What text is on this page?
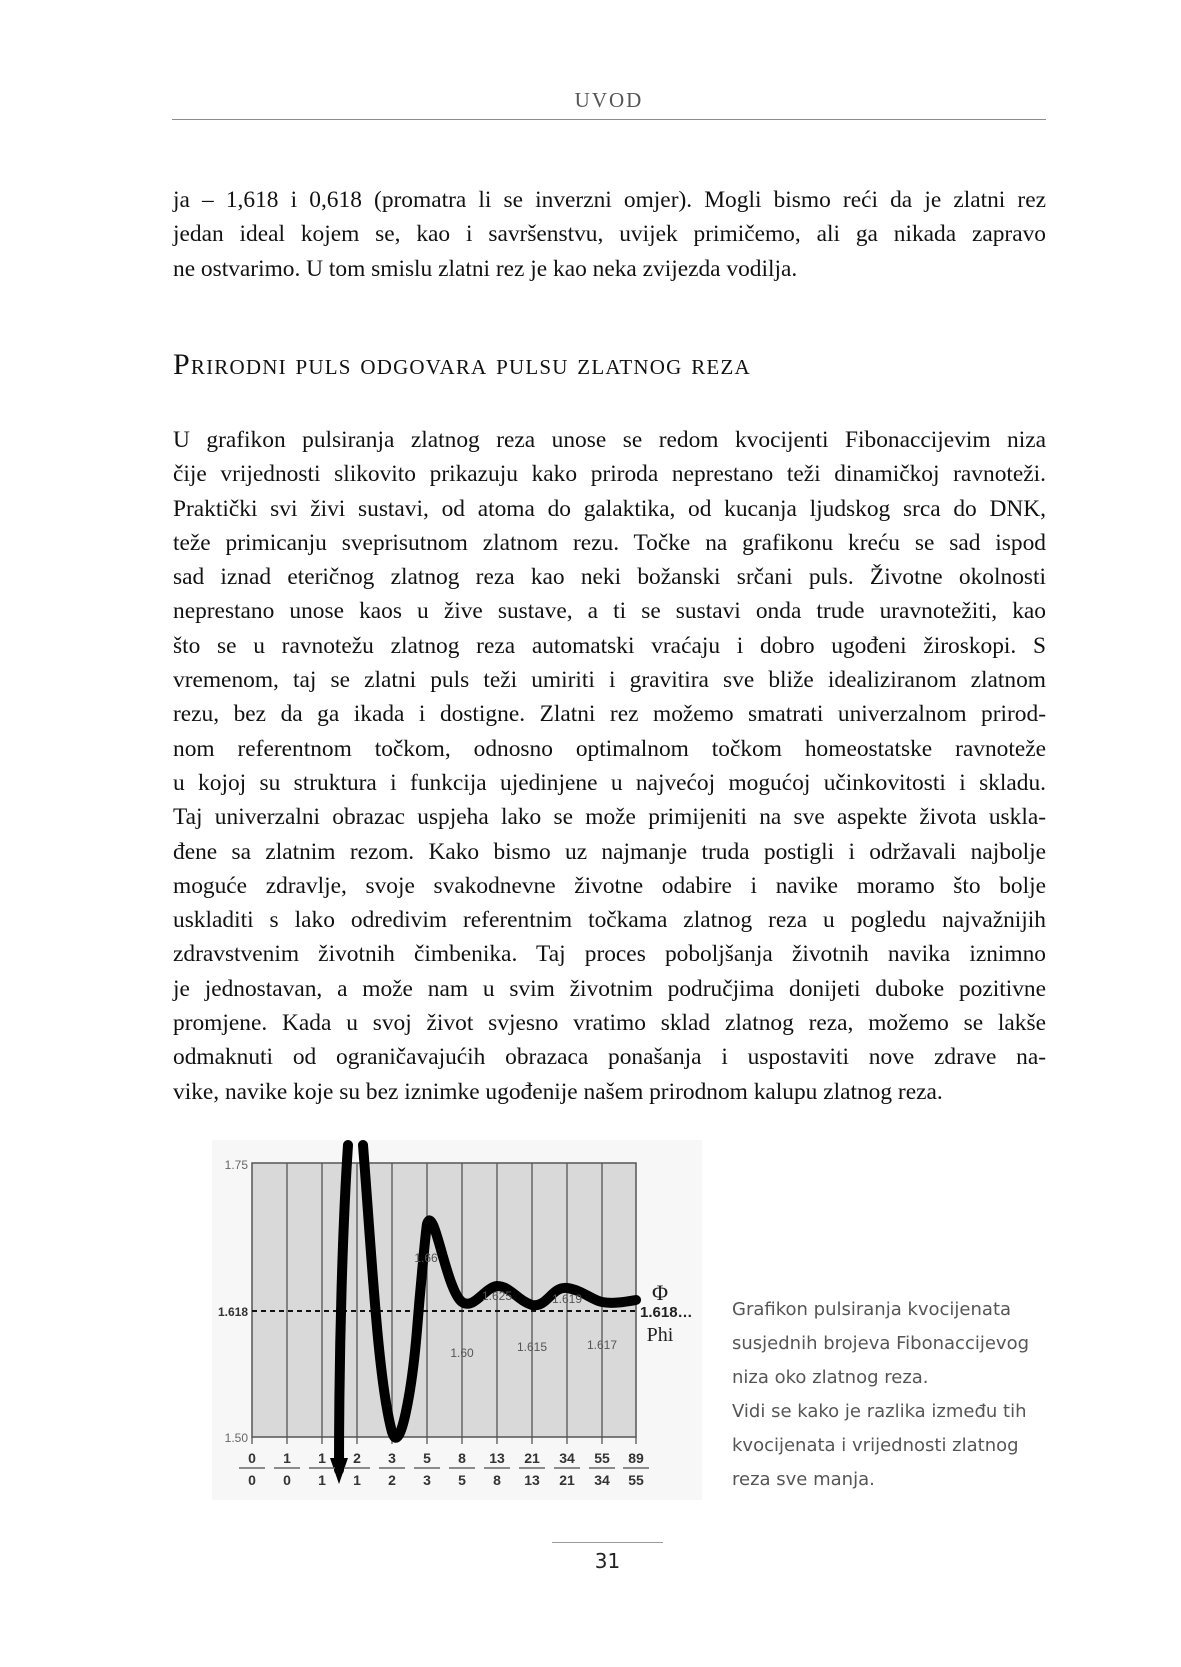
UVOD
ja – 1,618 i 0,618 (promatra li se inverzni omjer). Mogli bismo reći da je zlatni rez
jedan ideal kojem se, kao i savršenstvu, uvijek primičemo, ali ga nikada zapravo
ne ostvarimo. U tom smislu zlatni rez je kao neka zvijezda vodilja.
Prirodni puls odgovara pulsu zlatnog reza
U grafikon pulsiranja zlatnog reza unose se redom kvocijenti Fibonaccijevim niza
čije vrijednosti slikovito prikazuju kako priroda neprestano teži dinamičkoj ravnoteži.
Praktički svi živi sustavi, od atoma do galaktika, od kucanja ljudskog srca do DNK,
teže primicanju sveprisutnom zlatnom rezu. Točke na grafikonu kreću se sad ispod
sad iznad eteričnog zlatnog reza kao neki božanski srčani puls. Životne okolnosti
neprestano unose kaos u žive sustave, a ti se sustavi onda trude uravnotežiti, kao
što se u ravnotežu zlatnog reza automatski vraćaju i dobro ugođeni žiroskopi. S
vremenom, taj se zlatni puls teži umiriti i gravitira sve bliže idealiziranom zlatnom
rezu, bez da ga ikada i dostigne. Zlatni rez možemo smatrati univerzalnom prirod-
nom referentnom točkom, odnosno optimalnom točkom homeostatske ravnoteže
u kojoj su struktura i funkcija ujedinjene u najvećoj mogućoj učinkovitosti i skladu.
Taj univerzalni obrazac uspjeha lako se može primijeniti na sve aspekte života uskla-
đene sa zlatnim rezom. Kako bismo uz najmanje truda postigli i održavali najbolje
moguće zdravlje, svoje svakodnevne životne odabire i navike moramo što bolje
uskladiti s lako odredivim referentnim točkama zlatnog reza u pogledu najvažnijih
zdravstvenim životnih čimbenika. Taj proces poboljšanja životnih navika iznimno
je jednostavan, a može nam u svim životnim područjima donijeti duboke pozitivne
promjene. Kada u svoj život svjesno vratimo sklad zlatnog reza, možemo se lakše
odmaknuti od ograničavajućih obrazaca ponašanja i uspostaviti nove zdrave na-
vike, navike koje su bez iznimke ugođenije našem prirodnom kalupu zlatnog reza.
1.75
1.618
1.50
1.66
1.625	1.619
1.60	1.615	1.617
Φ
1.618…
Phi
0
0
1
0
1
1
2
1
3
2
5
3
8
5
13
8
21
13
34
21
55
34
89
55
Grafikon pulsiranja kvocijenata
susjednih brojeva Fibonaccijevog
niza oko zlatnog reza.
Vidi se kako je razlika između tih
kvocijenata i vrijednosti zlatnog
reza sve manja.
31
